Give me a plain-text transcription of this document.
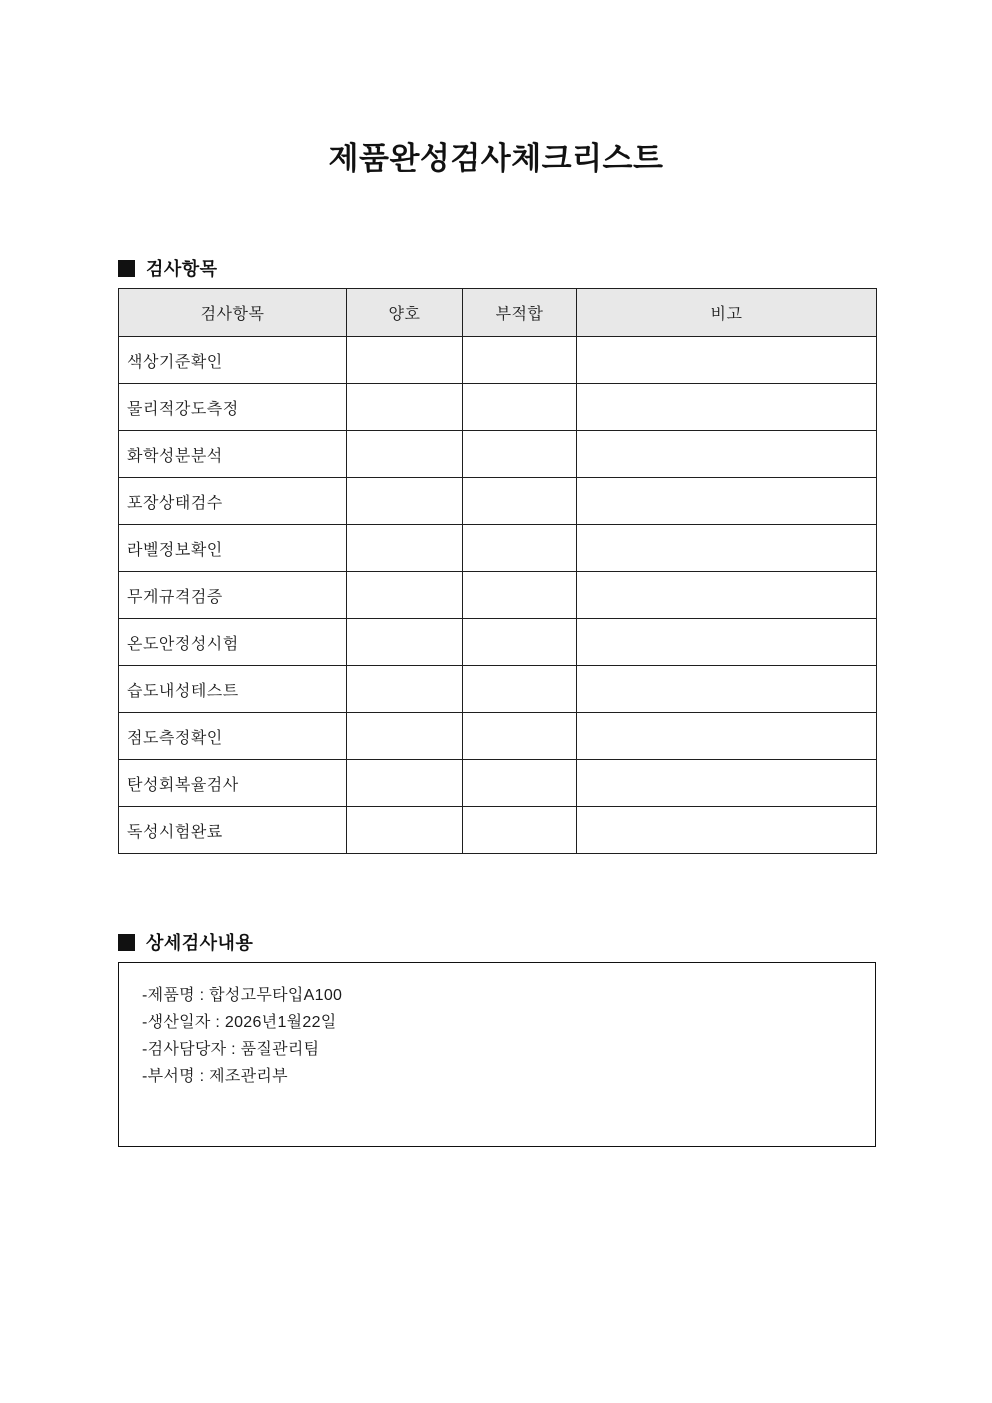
제품완성검사체크리스트
검사항목
검사항목	양호	부적합	비고
색상기준확인			
물리적강도측정			
화학성분분석			
포장상태검수			
라벨정보확인			
무게규격검증			
온도안정성시험			
습도내성테스트			
점도측정확인			
탄성회복율검사			
독성시험완료			
상세검사내용
-제품명 : 합성고무타입A100
-생산일자 : 2026년1월22일
-검사담당자 : 품질관리팀
-부서명 : 제조관리부
